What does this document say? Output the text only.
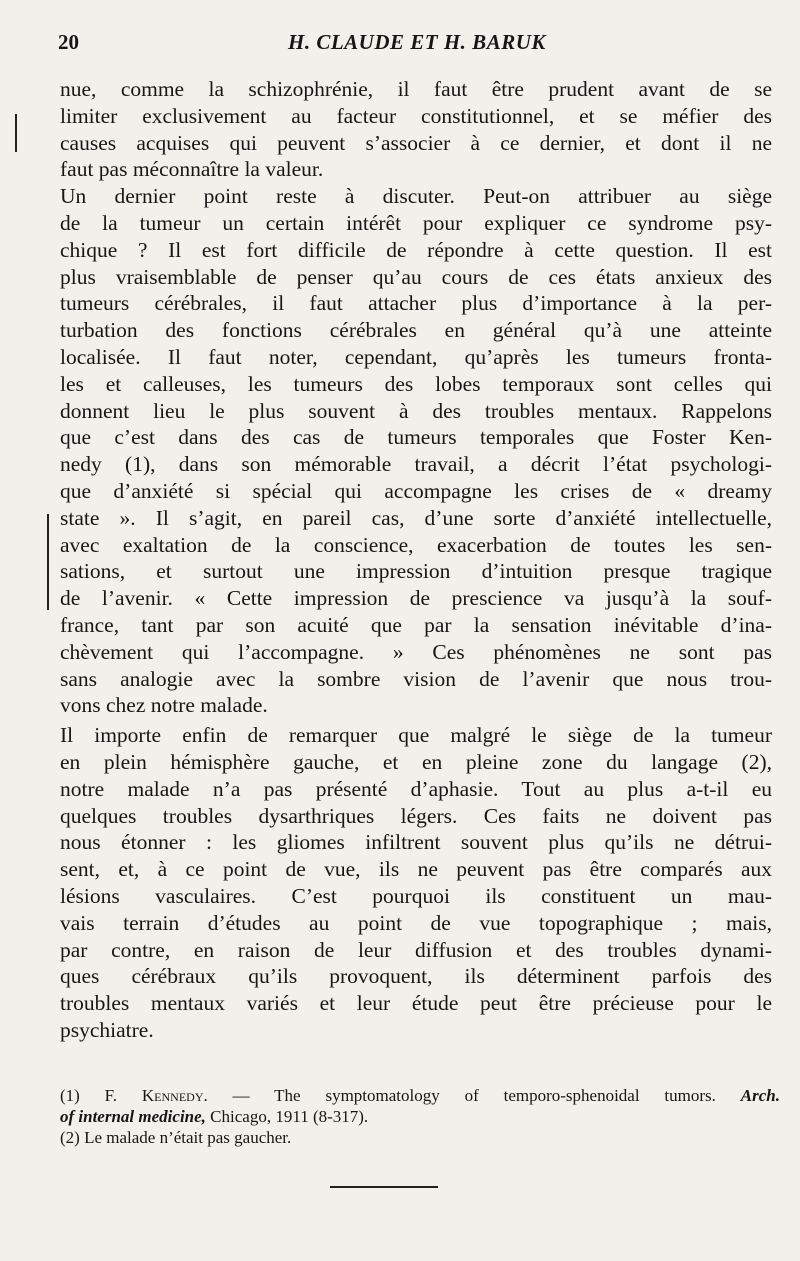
20	H. CLAUDE ET H. BARUK
nue, comme la schizophrénie, il faut être prudent avant de se
limiter exclusivement au facteur constitutionnel, et se méfier des
causes acquises qui peuvent s’associer à ce dernier, et dont il ne
faut pas méconnaître la valeur.
Un dernier point reste à discuter. Peut-on attribuer au siège
de la tumeur un certain intérêt pour expliquer ce syndrome psy-
chique ? Il est fort difficile de répondre à cette question. Il est
plus vraisemblable de penser qu’au cours de ces états anxieux des
tumeurs cérébrales, il faut attacher plus d’importance à la per-
turbation des fonctions cérébrales en général qu’à une atteinte
localisée. Il faut noter, cependant, qu’après les tumeurs fronta-
les et calleuses, les tumeurs des lobes temporaux sont celles qui
donnent lieu le plus souvent à des troubles mentaux. Rappelons
que c’est dans des cas de tumeurs temporales que Foster Ken-
nedy (1), dans son mémorable travail, a décrit l’état psychologi-
que d’anxiété si spécial qui accompagne les crises de « dreamy
state ». Il s’agit, en pareil cas, d’une sorte d’anxiété intellectuelle,
avec exaltation de la conscience, exacerbation de toutes les sen-
sations, et surtout une impression d’intuition presque tragique
de l’avenir. « Cette impression de prescience va jusqu’à la souf-
france, tant par son acuité que par la sensation inévitable d’ina-
chèvement qui l’accompagne. » Ces phénomènes ne sont pas
sans analogie avec la sombre vision de l’avenir que nous trou-
vons chez notre malade.
Il importe enfin de remarquer que malgré le siège de la tumeur
en plein hémisphère gauche, et en pleine zone du langage (2),
notre malade n’a pas présenté d’aphasie. Tout au plus a-t-il eu
quelques troubles dysarthriques légers. Ces faits ne doivent pas
nous étonner : les gliomes infiltrent souvent plus qu’ils ne détrui-
sent, et, à ce point de vue, ils ne peuvent pas être comparés aux
lésions vasculaires. C’est pourquoi ils constituent un mau-
vais terrain d’études au point de vue topographique ; mais,
par contre, en raison de leur diffusion et des troubles dynami-
ques cérébraux qu’ils provoquent, ils déterminent parfois des
troubles mentaux variés et leur étude peut être précieuse pour le
psychiatre.
(1) F. Kennedy. — The symptomatology of temporo-sphenoidal tumors. Arch.
of internal medicine, Chicago, 1911 (8-317).
(2) Le malade n’était pas gaucher.
